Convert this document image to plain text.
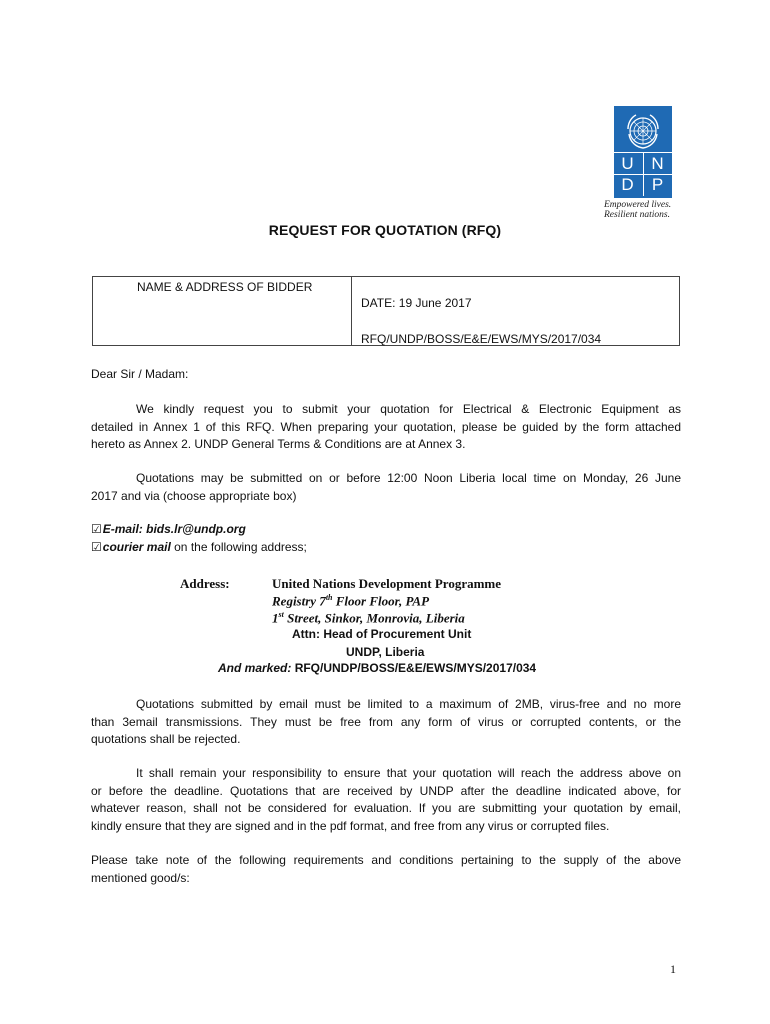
U N
D P
Empowered lives.
Resilient nations.
REQUEST FOR QUOTATION (RFQ)
NAME & ADDRESS OF BIDDER
DATE: 19 June 2017
RFQ/UNDP/BOSS/E&E/EWS/MYS/2017/034
Dear Sir / Madam:
We kindly request you to submit your quotation for Electrical & Electronic Equipment as
detailed in Annex 1 of this RFQ. When preparing your quotation, please be guided by the form attached
hereto as Annex 2. UNDP General Terms & Conditions are at Annex 3.
Quotations may be submitted on or before 12:00 Noon Liberia local time on Monday, 26 June
2017 and via (choose appropriate box)
☑E-mail: bids.lr@undp.org
☑courier mail on the following address;
Address:	United Nations Development Programme
Registry 7th Floor Floor, PAP
1st Street, Sinkor, Monrovia, Liberia
Attn: Head of Procurement Unit
UNDP, Liberia
And marked: RFQ/UNDP/BOSS/E&E/EWS/MYS/2017/034
Quotations submitted by email must be limited to a maximum of 2MB, virus-free and no more
than 3email transmissions. They must be free from any form of virus or corrupted contents, or the
quotations shall be rejected.
It shall remain your responsibility to ensure that your quotation will reach the address above on
or before the deadline. Quotations that are received by UNDP after the deadline indicated above, for
whatever reason, shall not be considered for evaluation. If you are submitting your quotation by email,
kindly ensure that they are signed and in the pdf format, and free from any virus or corrupted files.
Please take note of the following requirements and conditions pertaining to the supply of the above
mentioned good/s:
1
